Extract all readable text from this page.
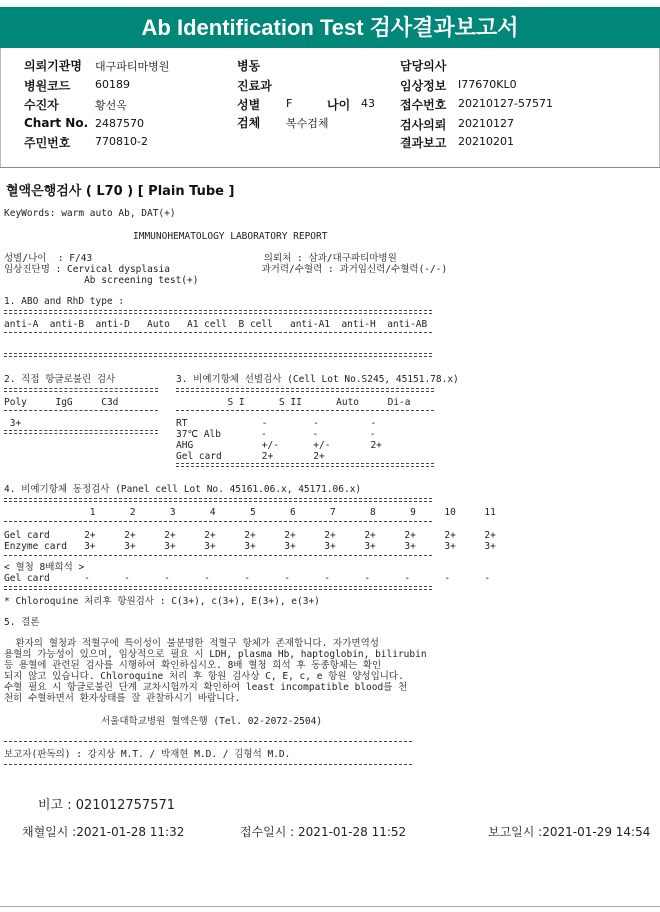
Ab Identification Test 검사결과보고서
의뢰기관명 대구파티마병원
병원코드 60189
수진자	황선옥
Chart No. 2487570
주민번호 770810-2
병동
진료과
성별 F	나이 43
검체 복수검체
담당의사
임상정보 I77670KL0
접수번호 20210127-57571
검사의뢰 20210127
결과보고 20210201
혈액은행검사 ( L70 ) [ Plain Tube ]
KeyWords: warm auto Ab, DAT(+)
IMMUNOHEMATOLOGY LABORATORY REPORT
성별/나이  : F/43                              의뢰처 : 삼과/대구파티마병원
임상진단명 : Cervical dysplasia                과거력/수혈력 : 과거임신력/수혈력(-/-)
Ab screening test(+)
1. ABO and RhD type :
anti-A  anti-B  anti-D   Auto   A1 cell  B cell   anti-A1  anti-H  anti-AB
2. 직접 항글로불린 검사
Poly     IgG     C3d
3+
3. 비예기항체 선별검사 (Cell Lot No.S245, 45151.78.x)
S I      S II      Auto     Di-a
RT             -        -         -
37℃ Alb       -        -         -
AHG            +/-      +/-       2+
Gel card       2+       2+
4. 비예기항체 동정검사 (Panel cell Lot No. 45161.06.x, 45171.06.x)
1      2      3      4      5      6      7      8      9     10     11
Gel card      2+     2+     2+     2+     2+     2+     2+     2+     2+     2+     2+
Enzyme card   3+     3+     3+     3+     3+     3+     3+     3+     3+     3+     3+
< 혈청 8배희석 >
Gel card      -      -      -      -      -      -      -      -      -      -      -
* Chloroquine 처리후 항원검사 : C(3+), c(3+), E(3+), e(3+)
5. 결론
환자의 혈청과 적혈구에 특이성이 불분명한 적혈구 항체가 존재합니다. 자가면역성
용혈의 가능성이 있으며, 임상적으로 필요 시 LDH, plasma Hb, haptoglobin, bilirubin
등 용혈에 관련된 검사를 시행하여 확인하십시오. 8배 혈청 희석 후 동종항체는 확인
되지 않고 있습니다. Chloroquine 처리 후 항원 검사상 C, E, c, e 항원 양성입니다.
수혈 필요 시 항글로불린 단계 교차시험까지 확인하여 least incompatible blood를 천
천히 수혈하면서 환자상태를 잘 관찰하시기 바랍니다.
서울대학교병원 혈액은행 (Tel. 02-2072-2504)
보고자(판독의) : 강지상 M.T. / 박재현 M.D. / 김형석 M.D.
비고 : 021012757571
채혈일시 :2021-01-28 11:32	접수일시 : 2021-01-28 11:52	보고일시 :2021-01-29 14:54
